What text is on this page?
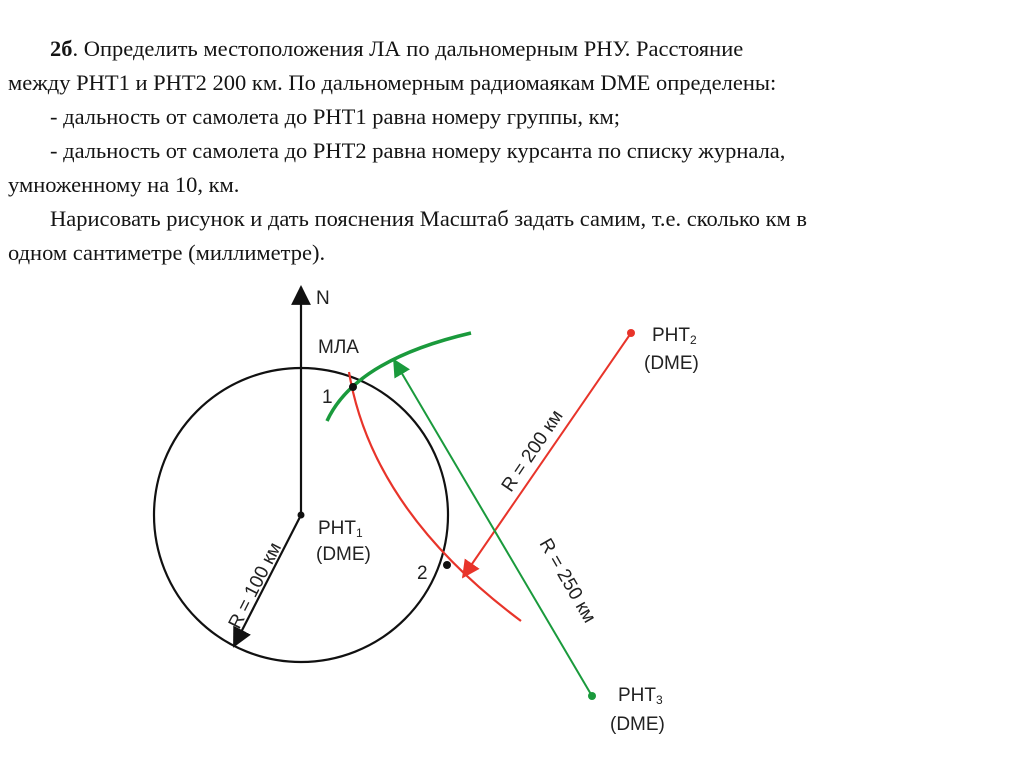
2б. Определить местоположения ЛА по дальномерным РНУ. Расстояние

между РНТ1 и РНТ2 200 км. По дальномерным радиомаякам DME определены:

- дальность от самолета до РНТ1 равна номеру группы, км;

- дальность от самолета до РНТ2 равна номеру курсанта по списку журнала,

умноженному на 10, км.

Нарисовать рисунок и дать пояснения Масштаб задать самим, т.е. сколько км в

одном сантиметре (миллиметре).

N
R = 100 км
R = 200 км
R = 250 км
1
2
МЛА
РНТ1
(DME)
РНТ2
(DME)
РНТ3
(DME)
